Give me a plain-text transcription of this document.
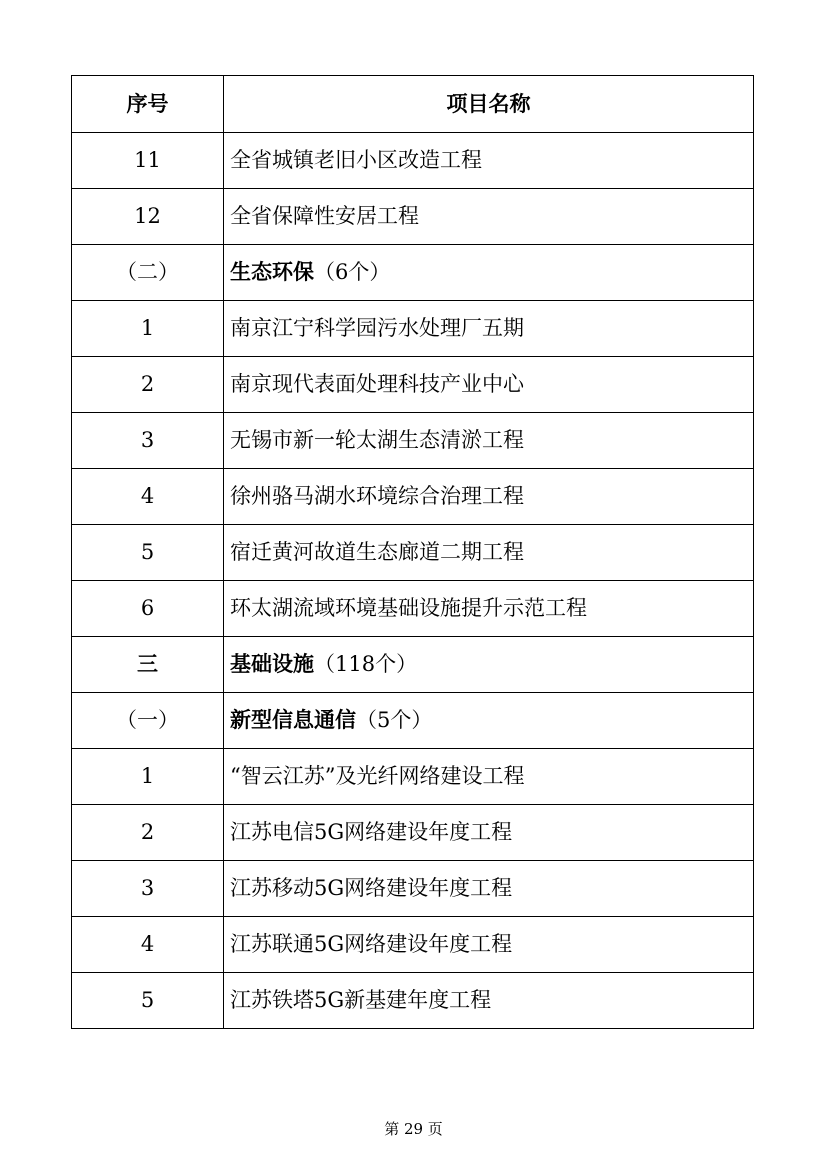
序号	项目名称
11	全省城镇老旧小区改造工程
12	全省保障性安居工程
（二）	生态环保（6个）
1	南京江宁科学园污水处理厂五期
2	南京现代表面处理科技产业中心
3	无锡市新一轮太湖生态清淤工程
4	徐州骆马湖水环境综合治理工程
5	宿迁黄河故道生态廊道二期工程
6	环太湖流域环境基础设施提升示范工程
三	基础设施（118个）
（一）	新型信息通信（5个）
1	“智云江苏”及光纤网络建设工程
2	江苏电信5G网络建设年度工程
3	江苏移动5G网络建设年度工程
4	江苏联通5G网络建设年度工程
5	江苏铁塔5G新基建年度工程
第 29 页
